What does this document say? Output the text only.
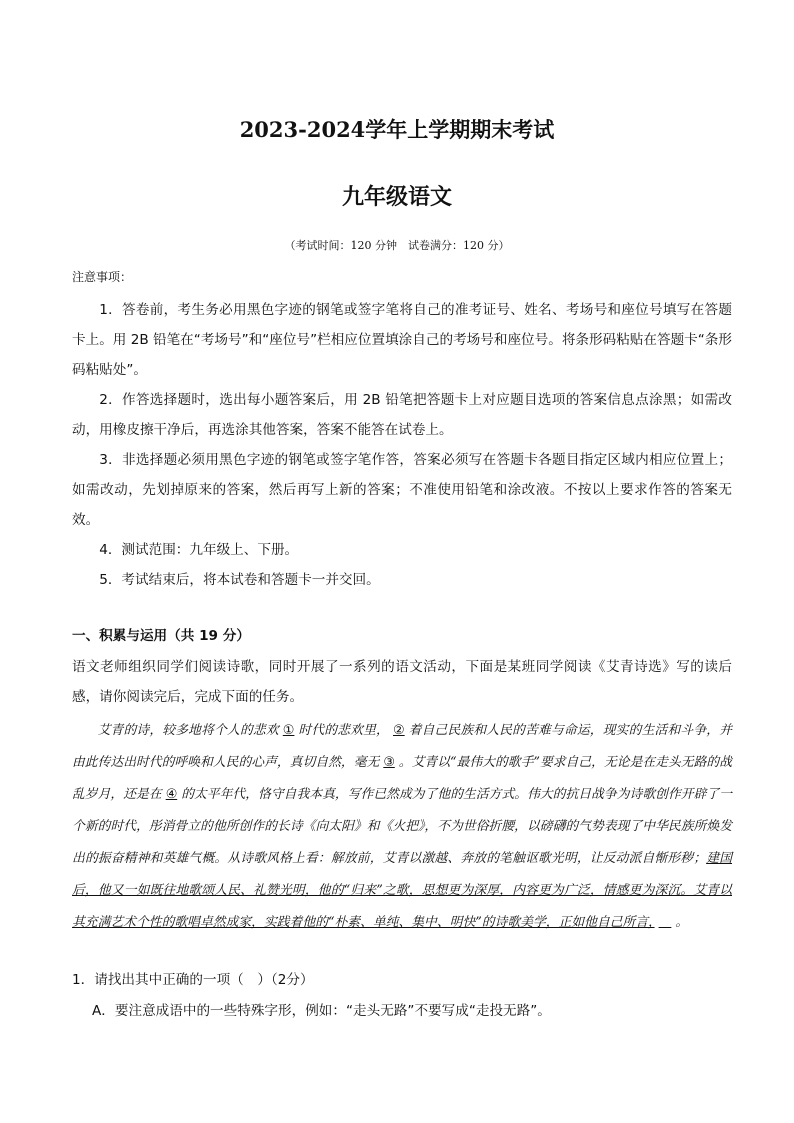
2023-2024学年上学期期末考试
九年级语文
（考试时间：120 分钟　试卷满分：120 分）
注意事项：

1．答卷前，考生务必用黑色字迹的钢笔或签字笔将自己的准考证号、姓名、考场号和座位号填写在答题卡上。用 2B 铅笔在“考场号”和“座位号”栏相应位置填涂自己的考场号和座位号。将条形码粘贴在答题卡“条形码粘贴处”。

2．作答选择题时，选出每小题答案后，用 2B 铅笔把答题卡上对应题目选项的答案信息点涂黑；如需改动，用橡皮擦干净后，再选涂其他答案，答案不能答在试卷上。

3．非选择题必须用黑色字迹的钢笔或签字笔作答，答案必须写在答题卡各题目指定区域内相应位置上；如需改动，先划掉原来的答案，然后再写上新的答案；不准使用铅笔和涂改液。不按以上要求作答的答案无效。

4．测试范围：九年级上、下册。

5．考试结束后，将本试卷和答题卡一并交回。

一、积累与运用（共 19 分）

语文老师组织同学们阅读诗歌，同时开展了一系列的语文活动，下面是某班同学阅读《艾青诗选》写的读后感，请你阅读完后，完成下面的任务。

艾青的诗，较多地将个人的悲欢 ① 时代的悲欢里， ② 着自己民族和人民的苦难与命运，现实的生活和斗争，并由此传达出时代的呼唤和人民的心声，真切自然，毫无 ③ 。艾青以“最伟大的歌手”要求自己，无论是在走头无路的战乱岁月，还是在 ④ 的太平年代，恪守自我本真，写作已然成为了他的生活方式。伟大的抗日战争为诗歌创作开辟了一个新的时代，彤消骨立的他所创作的长诗《向太阳》和《火把》，不为世俗折腰，以磅礴的气势表现了中华民族所焕发出的振奋精神和英雄气概。从诗歌风格上看：解放前，艾青以激越、奔放的笔触讴歌光明，让反动派自惭形秽；建国后，他又一如既往地歌颂人民、礼赞光明，他的“归来”之歌，思想更为深厚，内容更为广泛，情感更为深沉。艾青以其充满艺术个性的歌唱卓然成家，实践着他的“朴素、单纯、集中、明快”的诗歌美学，正如他自己所言，　 。

1．请找出其中正确的一项（　）（2分）
A．要注意成语中的一些特殊字形，例如：“走头无路”不要写成“走投无路”。
